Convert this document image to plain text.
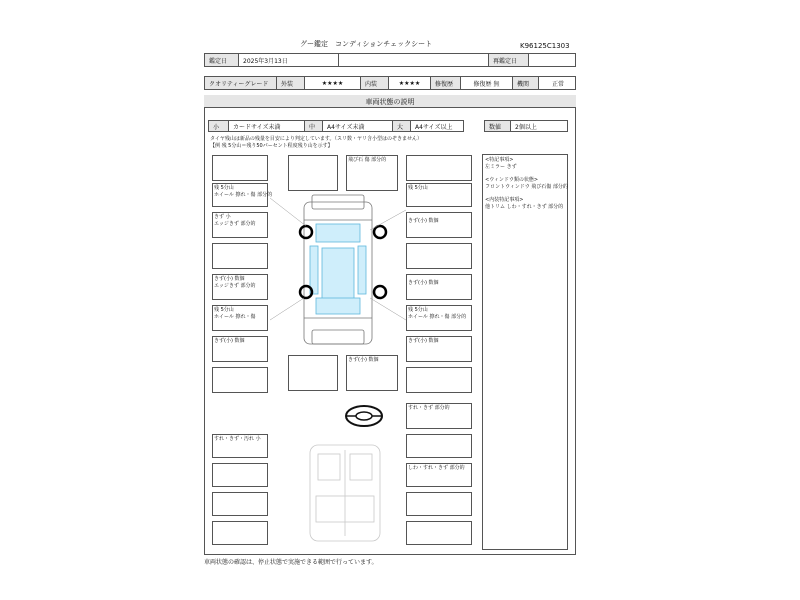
グー鑑定　コンディションチェックシート	K96125C1303
鑑定日	2025年3月13日	再鑑定日
クオリティーグレード	外装	★★★★	内装	★★★★	修復歴	修復歴 無	機関	正常
車両状態の説明
小	カードサイズ未満	中	A4サイズ未満	大	A4サイズ以上	数値	2個以上
タイヤ残山は新品の残量を目安により判定しています。（スリ数・ヤリ含小型はのぞきません）
【例 残 5分山＝残り50パーセント程度残り山を示す】
<特記事項>
左ミラー きず
<ウィンドウ類の状態>
フロントウィンドウ 飛び石傷 部分的
<内装特記事項>
他トリム しわ・すれ・きず 部分的
残 5分山
ホイール 擦れ・傷 部分的
きず 小
エッジきず 部分的
きず(小) 数個
エッジきず 部分的
残 5分山
ホイール 擦れ・傷
きず(小) 数個
飛び石 傷 部分的
きず(小) 数個
残 5分山
きず(小) 数個
きず(小) 数個
残 5分山
ホイール 擦れ・傷 部分的
きず(小) 数個
すれ・きず 部分的
すれ・きず・汚れ 小
しわ・すれ・きず 部分的
車両状態の確認は、停止状態で実施できる範囲で行っています。
